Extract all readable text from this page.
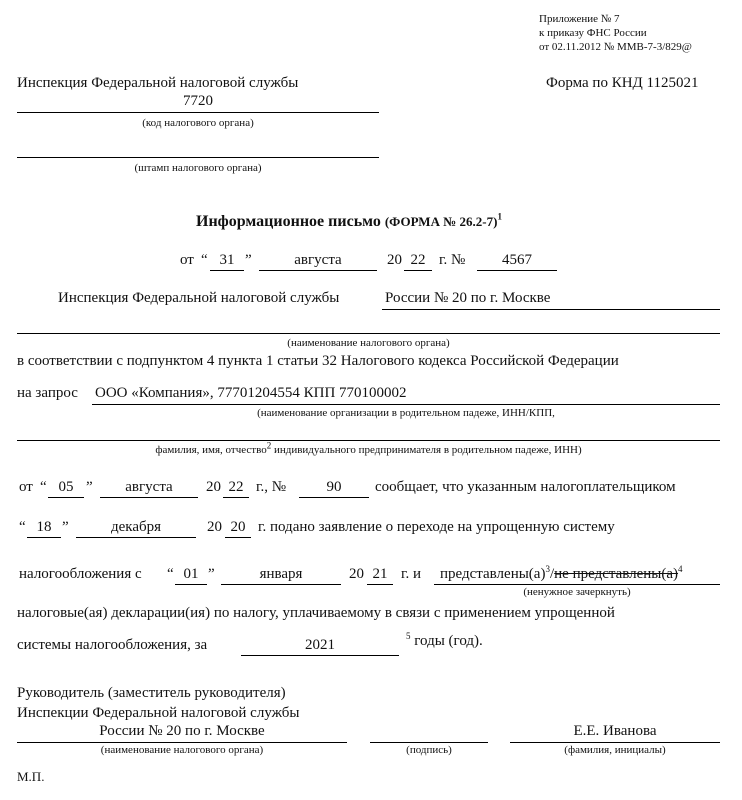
Приложение № 7
к приказу ФНС России
от 02.11.2012 № ММВ-7-3/829@
Инспекция Федеральной налоговой службы
7720
(код налогового органа)
(штамп налогового органа)
Форма по КНД 1125021
Информационное письмо (ФОРМА № 26.2-7)$^1$
от “ 31 ”	августа	20 22 г. №	4567
Инспекция Федеральной налоговой службы	России № 20 по г. Москве
(наименование налогового органа)
в соответствии с подпунктом 4 пункта 1 статьи 32 Налогового кодекса Российской Федерации
на запрос ООО «Компания», 77701204554 КПП 770100002
(наименование организации в родительном падеже, ИНН/КПП,
фамилия, имя, отчество$^2$ индивидуального предпринимателя в родительном падеже, ИНН)
от “ 05 ”	августа	20 22 г., №	90	сообщает, что указанным налогоплательщиком
“ 18 ”	декабря	20 20 г. подано заявление о переходе на упрощенную систему
налогообложения с “ 01 ”	января	20 21 г. и $представлены(а)^3/не$ $представлены(а)^4$
(ненужное зачеркнуть)
налоговые(ая) декларации(ия) по налогу, уплачиваемому в связи с применением упрощенной
системы налогообложения, за	2021
$^5$ годы (год).
Руководитель (заместитель руководителя)
Инспекции Федеральной налоговой службы
России № 20 по г. Москве
(наименование налогового органа)	(подпись)
Е.Е. Иванова
(фамилия, инициалы)
М.П.
